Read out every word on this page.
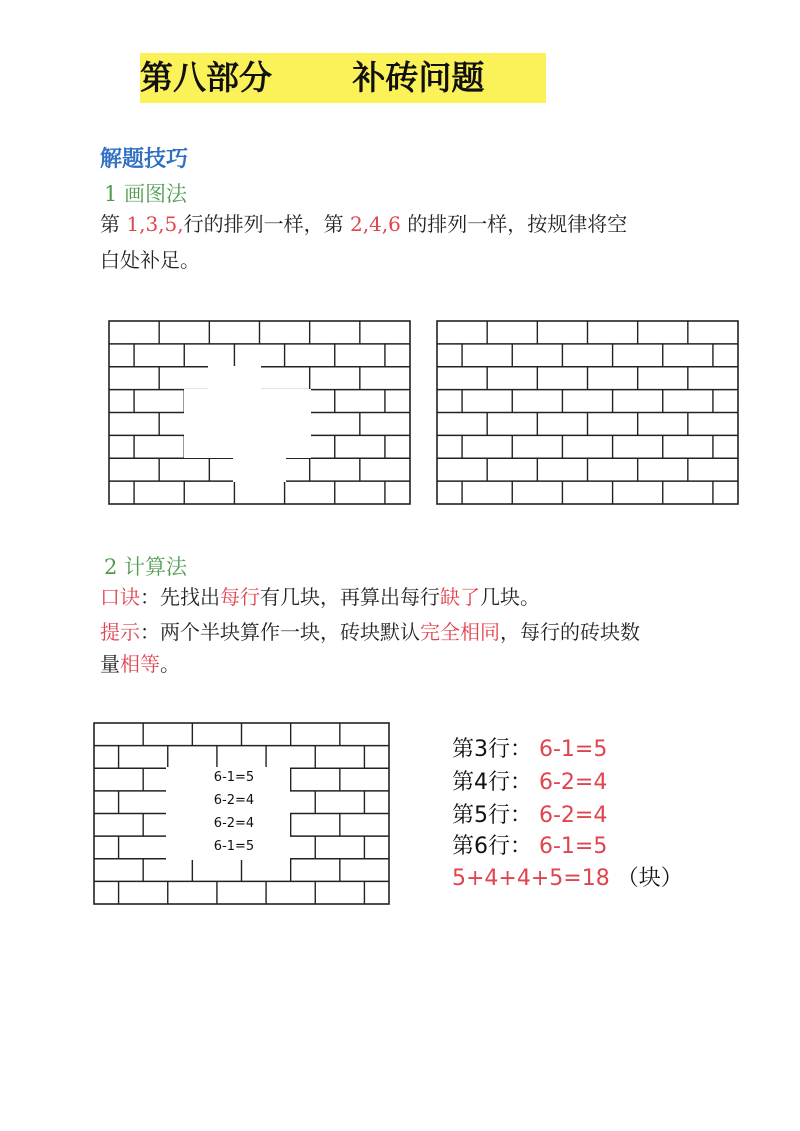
第八部分 补砖问题
解题技巧
1 画图法
第 1,3,5,行的排列一样，第 2,4,6 的排列一样，按规律将空
白处补足。
2 计算法
口诀：先找出每行有几块，再算出每行缺了几块。
提示：两个半块算作一块，砖块默认完全相同，每行的砖块数
量相等。
6-1=5
6-2=4
6-2=4
6-1=5
第3行： 6-1=5
第4行： 6-2=4
第5行： 6-2=4
第6行： 6-1=5
5+4+4+5=18 （块）
